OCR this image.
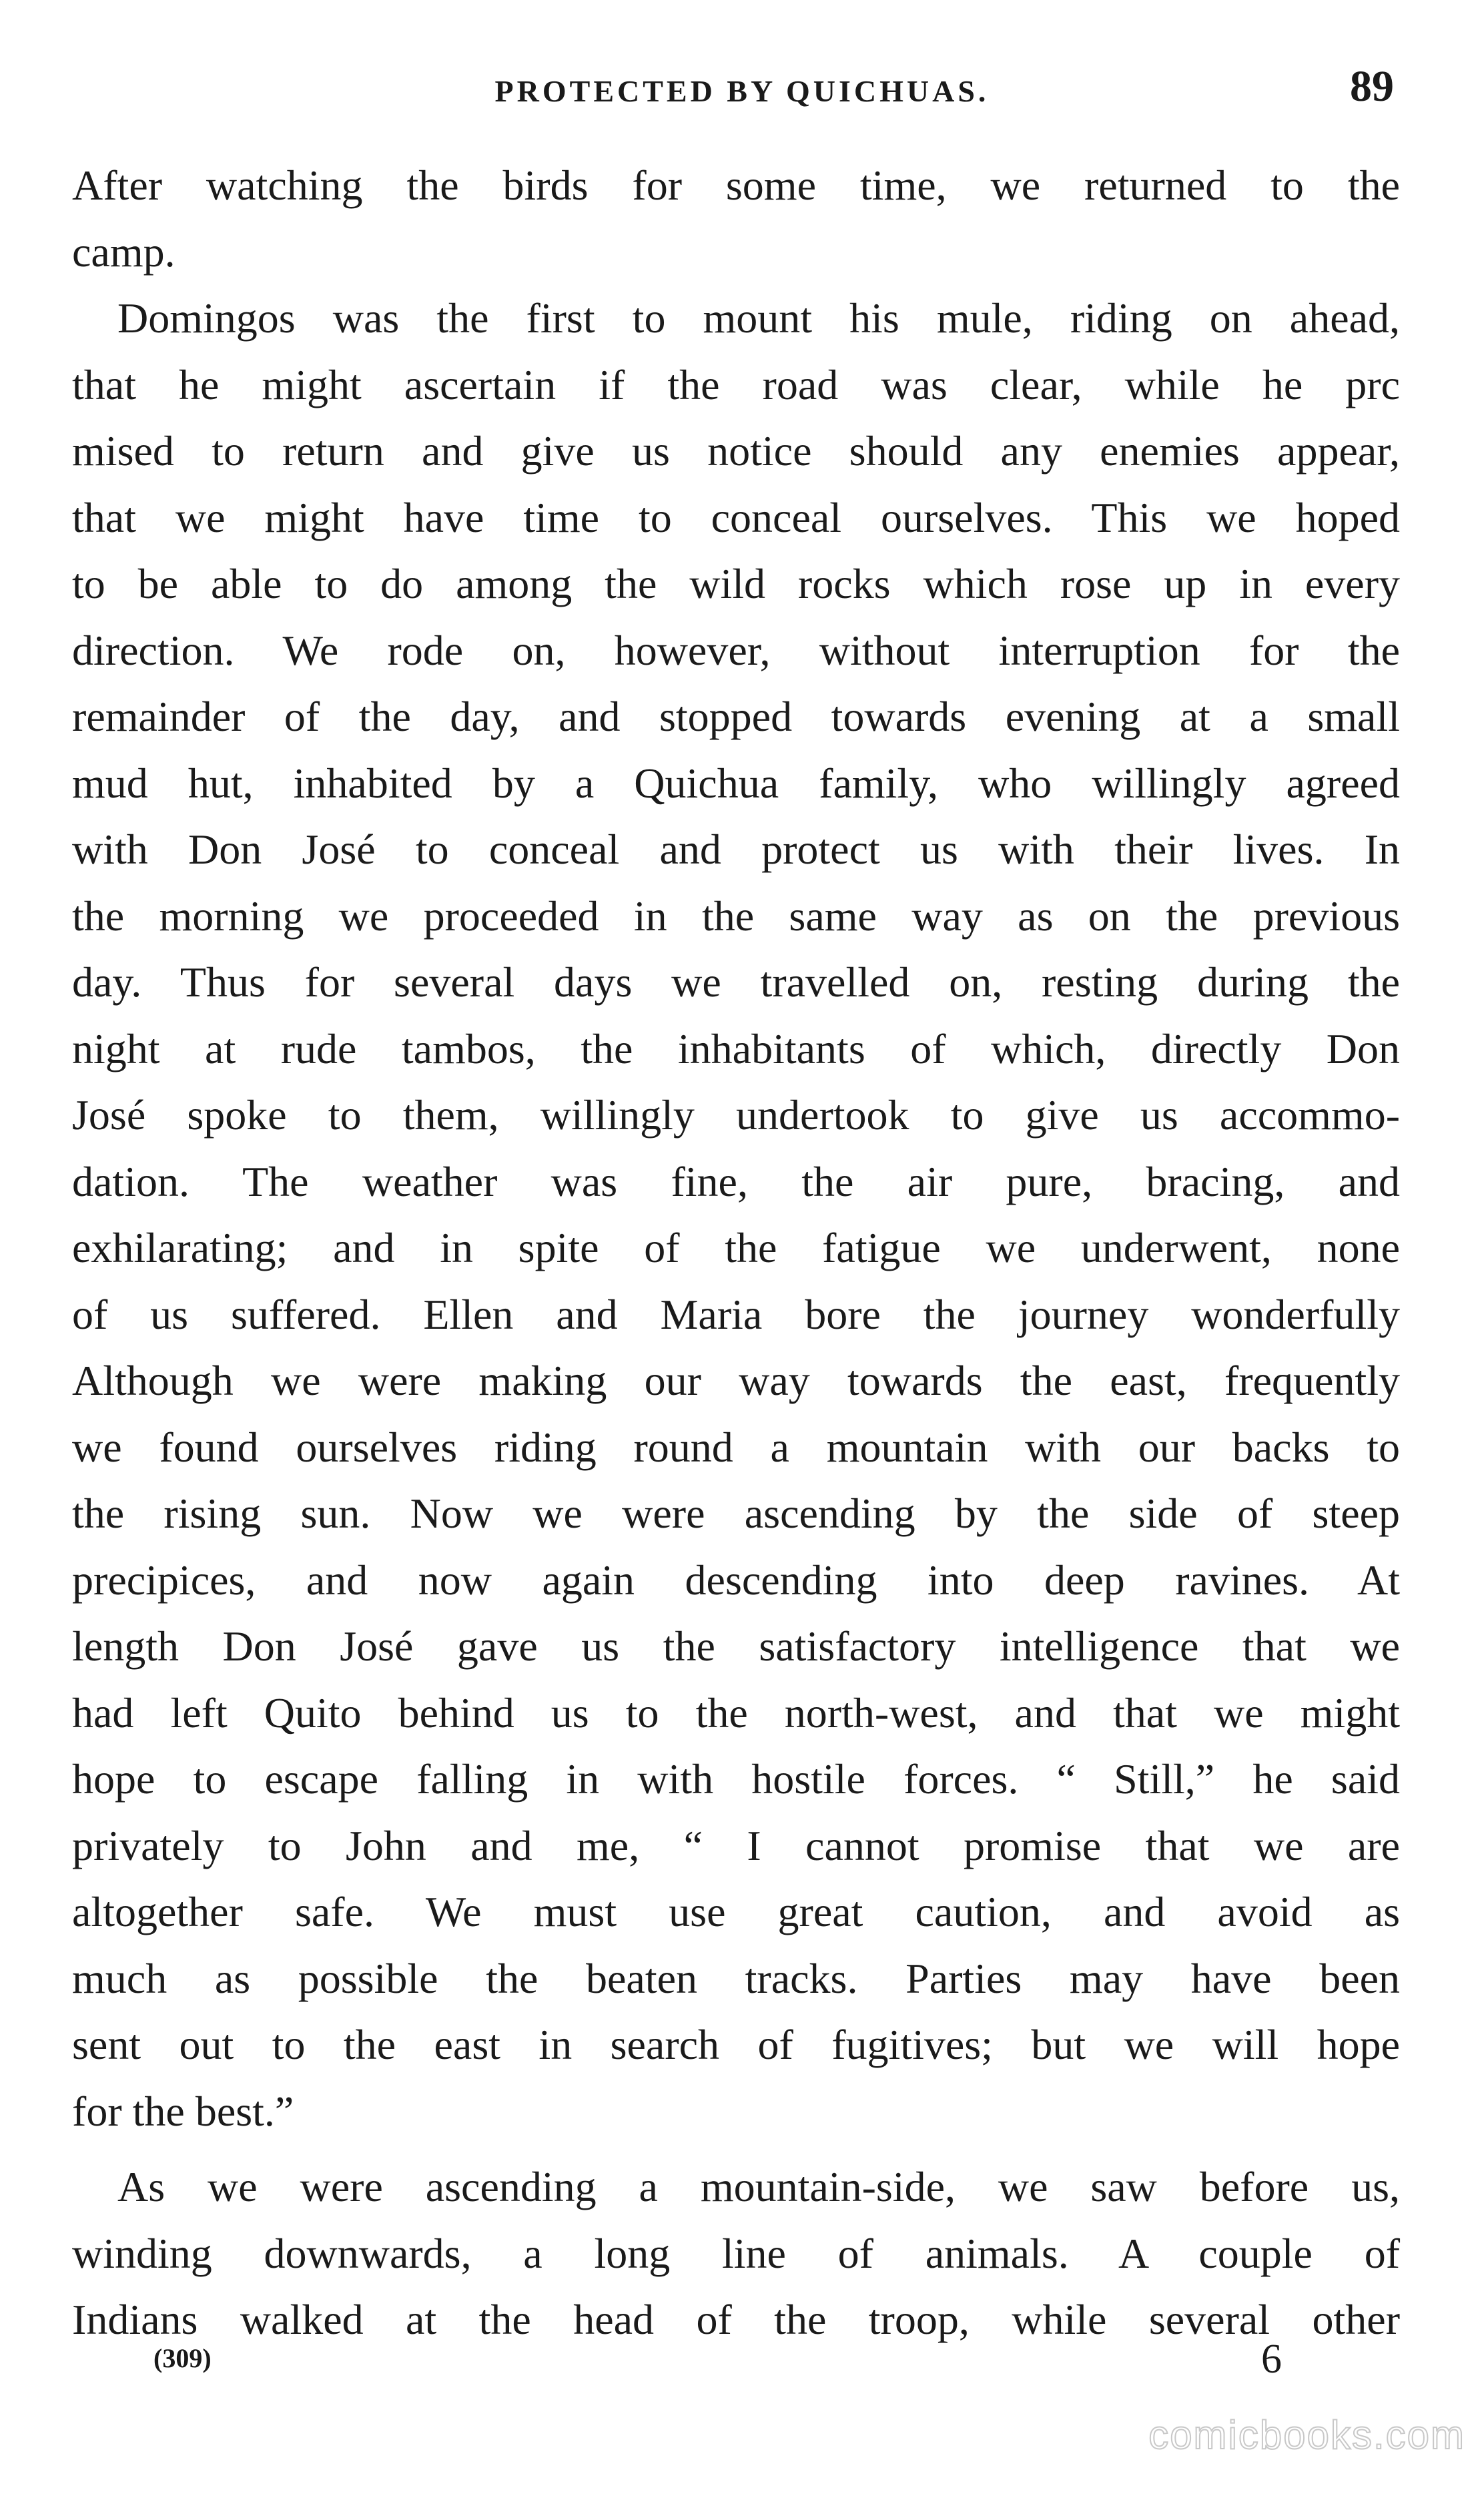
PROTECTED BY QUICHUAS.	89
After watching the birds for some time, we returned to the
camp.
Domingos was the first to mount his mule, riding on ahead,
that he might ascertain if the road was clear, while he prc
mised to return and give us notice should any enemies appear,
that we might have time to conceal ourselves. This we hoped
to be able to do among the wild rocks which rose up in every
direction. We rode on, however, without interruption for the
remainder of the day, and stopped towards evening at a small
mud hut, inhabited by a Quichua family, who willingly agreed
with Don José to conceal and protect us with their lives. In
the morning we proceeded in the same way as on the previous
day. Thus for several days we travelled on, resting during the
night at rude tambos, the inhabitants of which, directly Don
José spoke to them, willingly undertook to give us accommo-
dation. The weather was fine, the air pure, bracing, and
exhilarating; and in spite of the fatigue we underwent, none
of us suffered. Ellen and Maria bore the journey wonderfully
Although we were making our way towards the east, frequently
we found ourselves riding round a mountain with our backs to
the rising sun. Now we were ascending by the side of steep
precipices, and now again descending into deep ravines. At
length Don José gave us the satisfactory intelligence that we
had left Quito behind us to the north-west, and that we might
hope to escape falling in with hostile forces. “ Still,” he said
privately to John and me, “ I cannot promise that we are
altogether safe. We must use great caution, and avoid as
much as possible the beaten tracks. Parties may have been
sent out to the east in search of fugitives; but we will hope
for the best.”
As we were ascending a mountain-side, we saw before us,
winding downwards, a long line of animals. A couple of
Indians walked at the head of the troop, while several other
(309)	6
comicbooks.com
